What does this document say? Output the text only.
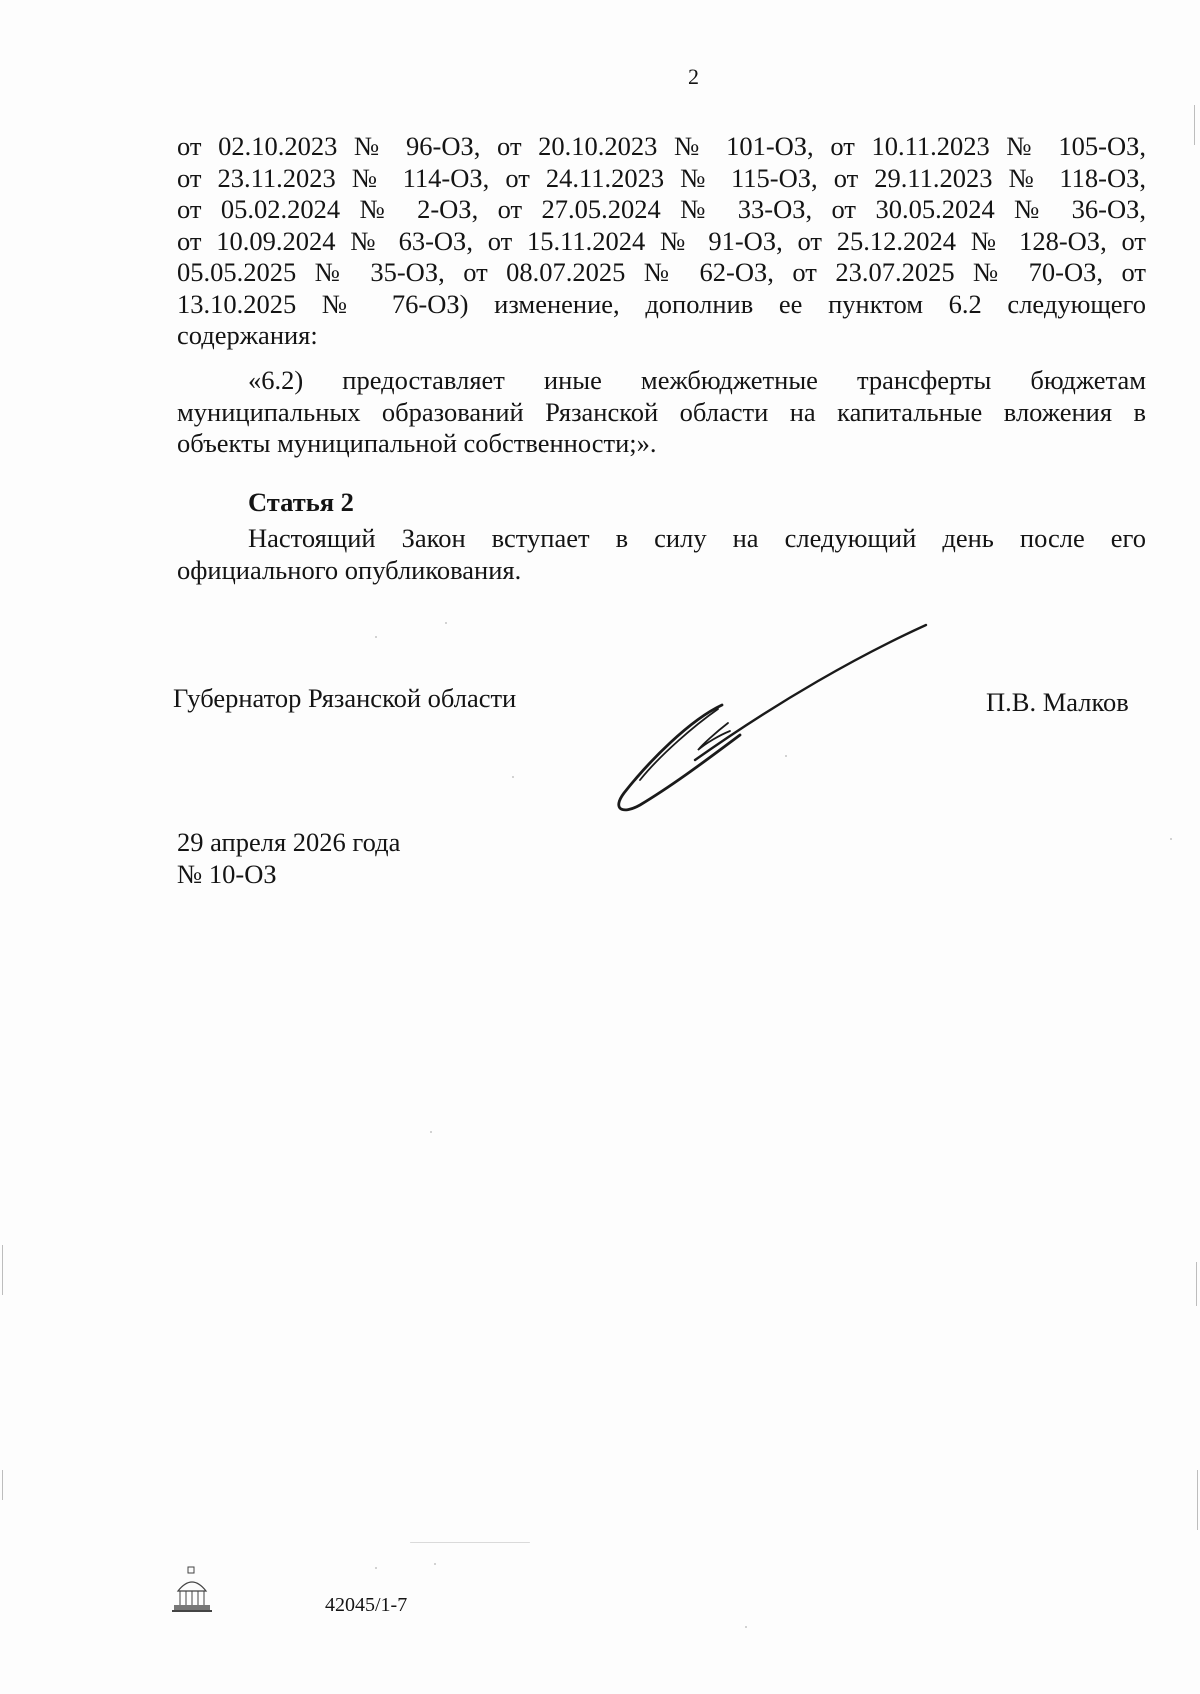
2
от 02.10.2023 № 96-ОЗ, от 20.10.2023 № 101-ОЗ, от 10.11.2023 № 105-ОЗ,
от 23.11.2023 № 114-ОЗ, от 24.11.2023 № 115-ОЗ, от 29.11.2023 № 118-ОЗ,
от 05.02.2024 № 2-ОЗ, от 27.05.2024 № 33-ОЗ, от 30.05.2024 № 36-ОЗ,
от 10.09.2024 № 63-ОЗ, от 15.11.2024 № 91-ОЗ, от 25.12.2024 № 128-ОЗ, от
05.05.2025 № 35-ОЗ, от 08.07.2025 № 62-ОЗ, от 23.07.2025 № 70-ОЗ, от
13.10.2025 № 76-ОЗ) изменение, дополнив ее пунктом 6.2 следующего
содержания:
«6.2) предоставляет иные межбюджетные трансферты бюджетам
муниципальных образований Рязанской области на капитальные вложения в
объекты муниципальной собственности;».
Статья 2
Настоящий Закон вступает в силу на следующий день после его
официального опубликования.
Губернатор Рязанской области	П.В. Малков
29 апреля 2026 года
№ 10-ОЗ
42045/1-7
